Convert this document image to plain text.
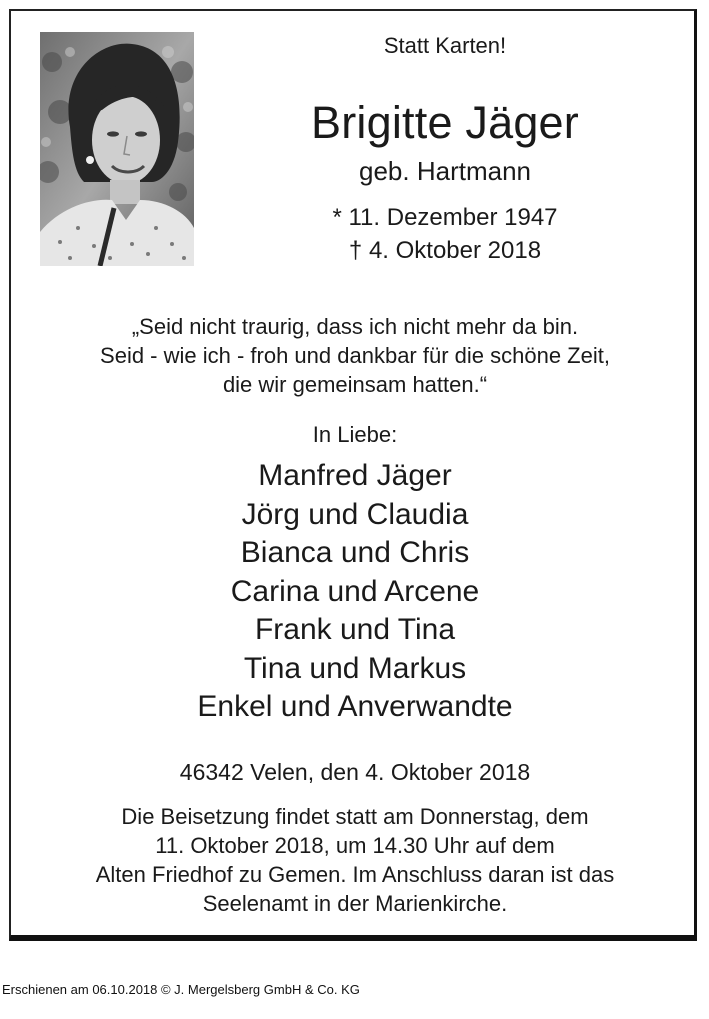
Statt Karten!
Brigitte Jäger
geb. Hartmann
* 11. Dezember 1947
† 4. Oktober 2018
„Seid nicht traurig, dass ich nicht mehr da bin.
Seid - wie ich - froh und dankbar für die schöne Zeit,
die wir gemeinsam hatten.“
In Liebe:
Manfred Jäger
Jörg und Claudia
Bianca und Chris
Carina und Arcene
Frank und Tina
Tina und Markus
Enkel und Anverwandte
46342 Velen, den 4. Oktober 2018
Die Beisetzung findet statt am Donnerstag, dem
11. Oktober 2018, um 14.30 Uhr auf dem
Alten Friedhof zu Gemen. Im Anschluss daran ist das
Seelenamt in der Marienkirche.
Erschienen am 06.10.2018 © J. Mergelsberg GmbH & Co. KG
